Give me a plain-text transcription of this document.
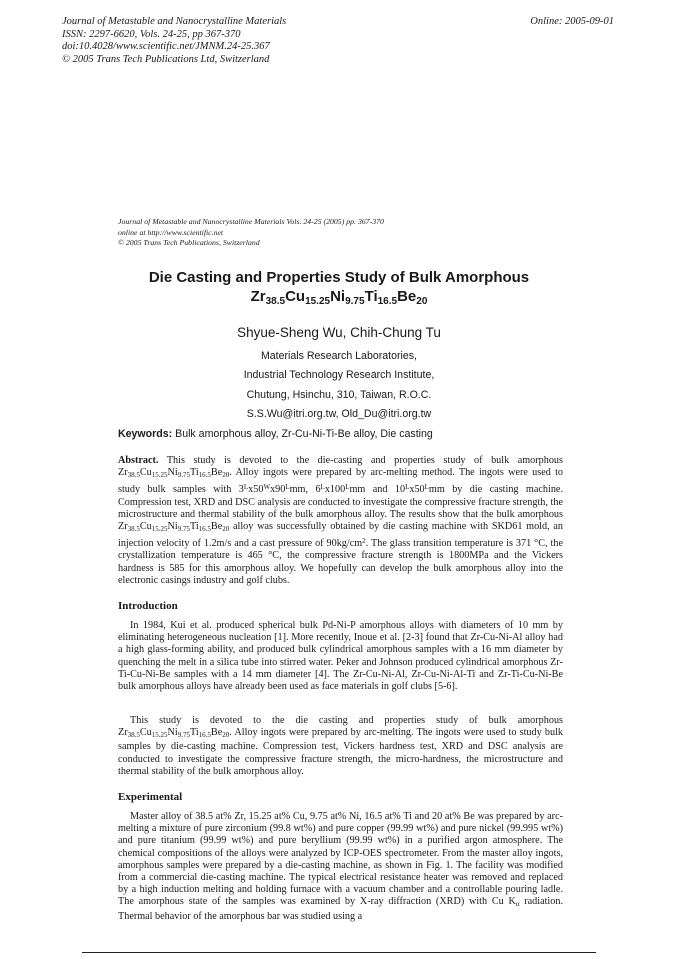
Journal of Metastable and Nanocrystalline Materials
ISSN: 2297-6620, Vols. 24-25, pp 367-370
doi:10.4028/www.scientific.net/JMNM.24-25.367
© 2005 Trans Tech Publications Ltd, Switzerland
Online: 2005-09-01
Journal of Metastable and Nanocrystalline Materials Vols. 24-25 (2005) pp. 367-370
online at http://www.scientific.net
© 2005 Trans Tech Publications, Switzerland
Die Casting and Properties Study of Bulk Amorphous
$Zr_{38.5}Cu_{15.25}Ni_{9.75}Ti_{16.5}Be_{20}$
Shyue-Sheng Wu, Chih-Chung Tu
Materials Research Laboratories,
Industrial Technology Research Institute,
Chutung, Hsinchu, 310, Taiwan, R.O.C.
S.S.Wu@itri.org.tw, Old_Du@itri.org.tw
Keywords: Bulk amorphous alloy, Zr-Cu-Ni-Ti-Be alloy, Die casting

Abstract. This study is devoted to the die-casting and properties study of bulk amorphous $Zr_{38.5}Cu_{15.25}Ni_{9.75}Ti_{16.5}Be_{20}$. Alloy ingots were prepared by arc-melting method. The ingots were used to study bulk samples with $3^Lx50^Wx90^Lmm$, $6^Lx100^Lmm$ and $10^Lx50^Lmm$ by die casting machine. Compression test, XRD and DSC analysis are conducted to investigate the compressive fracture strength, the microstructure and thermal stability of the bulk amorphous alloy. The results show that the bulk amorphous $Zr_{38.5}Cu_{15.25}Ni_{9.75}Ti_{16.5}Be_{20}$ alloy was successfully obtained by die casting machine with SKD61 mold, an injection velocity of 1.2m/s and a cast pressure of $90kg/cm^2$. The glass transition temperature is 371 °C, the crystallization temperature is 465 °C, the compressive fracture strength is 1800MPa and the Vickers hardness is 585 for this amorphous alloy. We hopefully can develop the bulk amorphous alloy into the electronic casings industry and golf clubs.

Introduction

In 1984, Kui et al. produced spherical bulk Pd-Ni-P amorphous alloys with diameters of 10 mm by eliminating heterogeneous nucleation [1]. More recently, Inoue et al. [2-3] found that Zr-Cu-Ni-Al alloy had a high glass-forming ability, and produced bulk cylindrical amorphous samples with a 16 mm diameter by quenching the melt in a silica tube into stirred water. Peker and Johnson produced cylindrical amorphous Zr-Ti-Cu-Ni-Be samples with a 14 mm diameter [4]. The Zr-Cu-Ni-Al, Zr-Cu-Ni-Al-Ti and Zr-Ti-Cu-Ni-Be bulk amorphous alloys have already been used as face materials in golf clubs [5-6].

This study is devoted to the die casting and properties study of bulk amorphous $Zr_{38.5}Cu_{15.25}Ni_{9.75}Ti_{16.5}Be_{20}$. Alloy ingots were prepared by arc-melting. The ingots were used to study bulk samples by die-casting machine. Compression test, Vickers hardness test, XRD and DSC analysis are conducted to investigate the compressive fracture strength, the micro-hardness, the microstructure and thermal stability of the bulk amorphous alloy.

Experimental

Master alloy of 38.5 at% Zr, 15.25 at% Cu, 9.75 at% Ni, 16.5 at% Ti and 20 at% Be was prepared by arc-melting a mixture of pure zirconium (99.8 wt%) and pure copper (99.99 wt%) and pure nickel (99.995 wt%) and pure titanium (99.99 wt%) and pure beryllium (99.99 wt%) in a purified argon atmosphere. The chemical compositions of the alloys were analyzed by ICP-OES spectrometer. From the master alloy ingots, amorphous samples were prepared by a die-casting machine, as shown in Fig. 1. The facility was modified from a commercial die-casting machine. The typical electrical resistance heater was removed and replaced by a high induction melting and holding furnace with a vacuum chamber and a controllable pouring ladle. The amorphous state of the samples was examined by X-ray diffraction (XRD) with Cu $K_\alpha$ radiation. Thermal behavior of the amorphous bar was studied using a
